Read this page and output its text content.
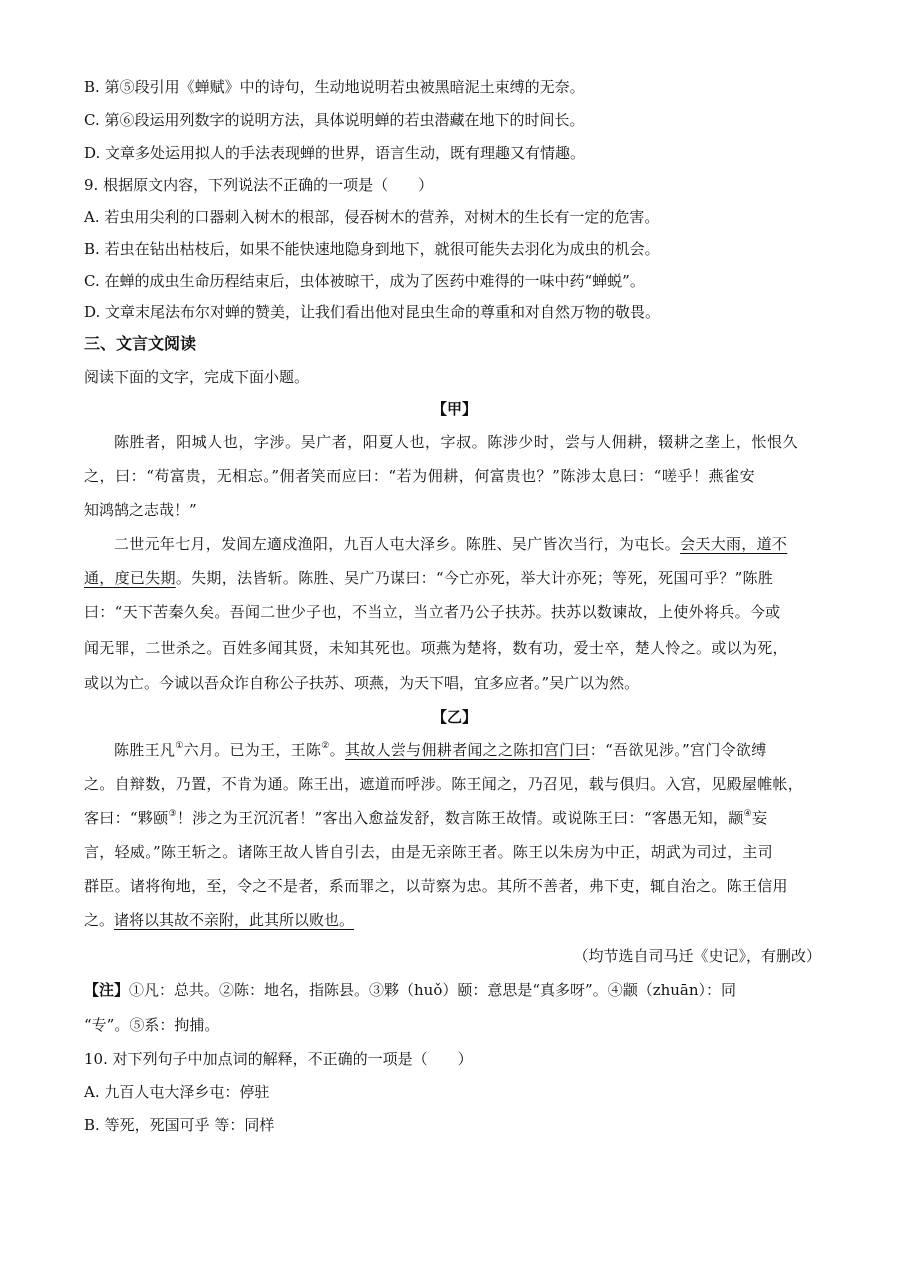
B. 第⑤段引用《蝉赋》中的诗句，生动地说明若虫被黑暗泥土束缚的无奈。
C. 第⑥段运用列数字的说明方法，具体说明蝉的若虫潜藏在地下的时间长。
D. 文章多处运用拟人的手法表现蝉的世界，语言生动，既有理趣又有情趣。
9. 根据原文内容，下列说法不正确的一项是（　　）
A. 若虫用尖利的口器刺入树木的根部，侵吞树木的营养，对树木的生长有一定的危害。
B. 若虫在钻出枯枝后，如果不能快速地隐身到地下，就很可能失去羽化为成虫的机会。
C. 在蝉的成虫生命历程结束后，虫体被晾干，成为了医药中难得的一味中药“蝉蜕”。
D. 文章末尾法布尔对蝉的赞美，让我们看出他对昆虫生命的尊重和对自然万物的敬畏。
三、文言文阅读
阅读下面的文字，完成下面小题。
【甲】
陈胜者，阳城人也，字涉。吴广者，阳夏人也，字叔。陈涉少时，尝与人佣耕，辍耕之垄上，怅恨久
之，曰：“苟富贵，无相忘。”佣者笑而应曰：“若为佣耕，何富贵也？”陈涉太息曰：“嗟乎！燕雀安
知鸿鹄之志哉！”
二世元年七月，发闾左適戍渔阳，九百人屯大泽乡。陈胜、吴广皆次当行，为屯长。会天大雨，道不
通，度已失期。失期，法皆斩。陈胜、吴广乃谋曰：“今亡亦死，举大计亦死；等死，死国可乎？”陈胜
曰：“天下苦秦久矣。吾闻二世少子也，不当立，当立者乃公子扶苏。扶苏以数谏故，上使外将兵。今或
闻无罪，二世杀之。百姓多闻其贤，未知其死也。项燕为楚将，数有功，爱士卒，楚人怜之。或以为死，
或以为亡。今诚以吾众诈自称公子扶苏、项燕，为天下唱，宜多应者。”吴广以为然。
【乙】
陈胜王凡①六月。已为王，王陈②。其故人尝与佣耕者闻之之陈扣宫门曰：“吾欲见涉。”宫门令欲缚
之。自辩数，乃置，不肯为通。陈王出，遮道而呼涉。陈王闻之，乃召见，载与俱归。入宫，见殿屋帷帐，
客曰：“夥颐③！涉之为王沉沉者！”客出入愈益发舒，数言陈王故情。或说陈王曰：“客愚无知，颛④妄
言，轻威。”陈王斩之。诸陈王故人皆自引去，由是无亲陈王者。陈王以朱房为中正，胡武为司过，主司
群臣。诸将徇地，至，令之不是者，系而罪之，以苛察为忠。其所不善者，弗下吏，辄自治之。陈王信用
之。诸将以其故不亲附，此其所以败也。
（均节选自司马迁《史记》，有删改）
【注】①凡：总共。②陈：地名，指陈县。③夥（huǒ）颐：意思是“真多呀”。④颛（zhuān）：同
“专”。⑤系：拘捕。
10. 对下列句子中加点词的解释，不正确的一项是（　　）
A. 九百人屯大泽乡屯：停驻
B. 等死，死国可乎 等：同样
